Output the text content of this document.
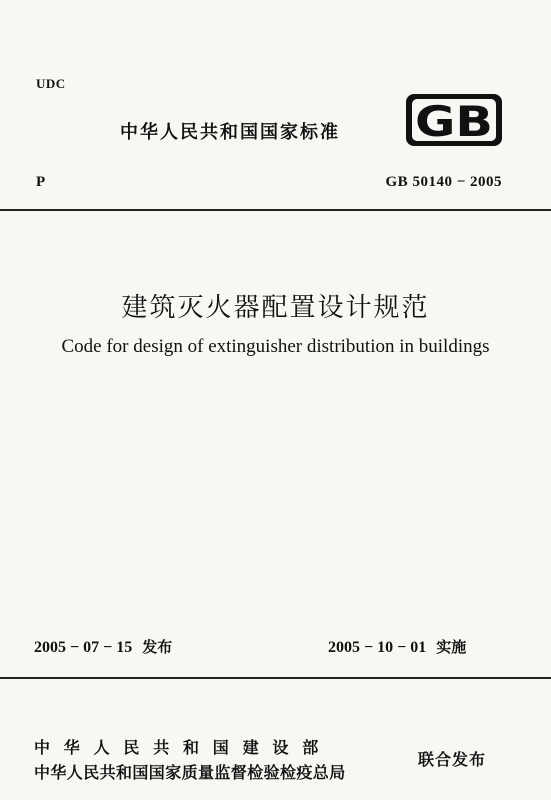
UDC
中华人民共和国国家标准 GB
P	GB 50140 − 2005
建筑灭火器配置设计规范
Code for design of extinguisher distribution in buildings
2005 − 07 − 15 发布	2005 − 10 − 01 实施
中华人民共和国建设部
中华人民共和国国家质量监督检验检疫总局
联合发布
